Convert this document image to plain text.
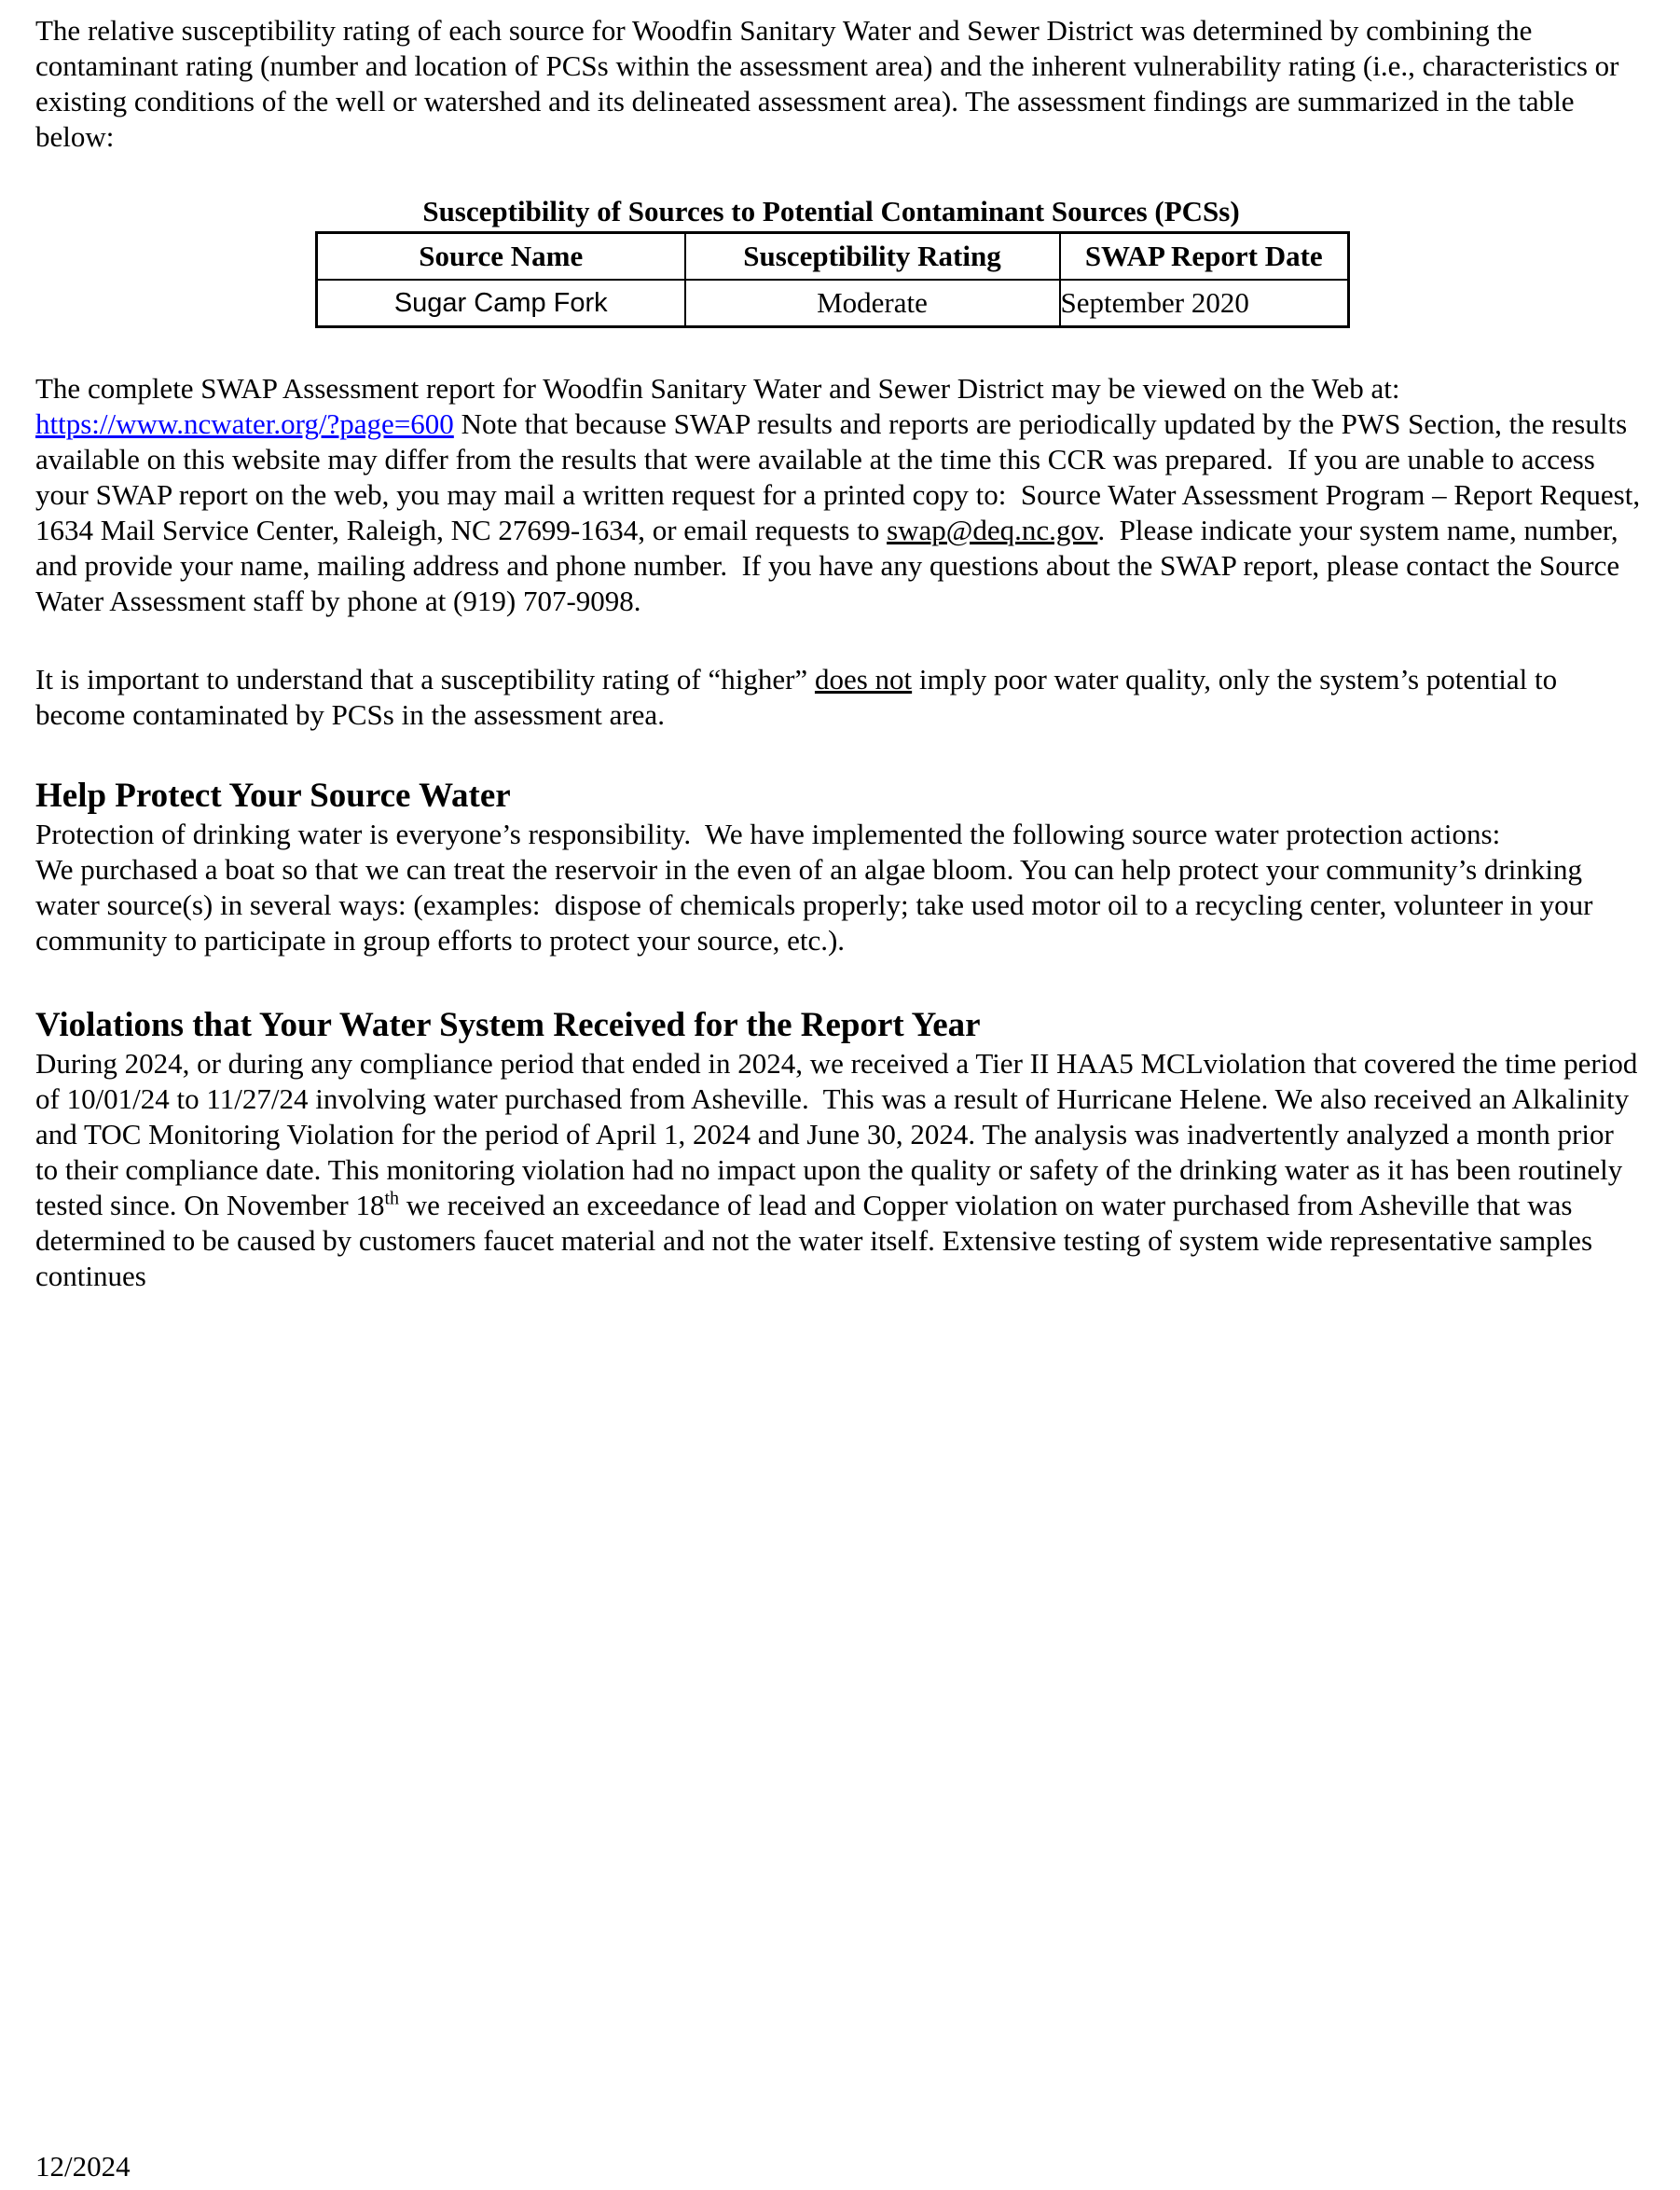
The relative susceptibility rating of each source for Woodfin Sanitary Water and Sewer District was determined by combining the contaminant rating (number and location of PCSs within the assessment area) and the inherent vulnerability rating (i.e., characteristics or existing conditions of the well or watershed and its delineated assessment area). The assessment findings are summarized in the table below:

Susceptibility of Sources to Potential Contaminant Sources (PCSs)
Source Name	Susceptibility Rating	SWAP Report Date
Sugar Camp Fork	Moderate	September 2020

The complete SWAP Assessment report for Woodfin Sanitary Water and Sewer District may be viewed on the Web at: https://www.ncwater.org/?page=600 Note that because SWAP results and reports are periodically updated by the PWS Section, the results available on this website may differ from the results that were available at the time this CCR was prepared.  If you are unable to access your SWAP report on the web, you may mail a written request for a printed copy to:  Source Water Assessment Program – Report Request, 1634 Mail Service Center, Raleigh, NC 27699-1634, or email requests to swap@deq.nc.gov.  Please indicate your system name, number, and provide your name, mailing address and phone number.  If you have any questions about the SWAP report, please contact the Source Water Assessment staff by phone at (919) 707-9098.

It is important to understand that a susceptibility rating of “higher” does not imply poor water quality, only the system’s potential to become contaminated by PCSs in the assessment area.

Help Protect Your Source Water

Protection of drinking water is everyone’s responsibility.  We have implemented the following source water protection actions:

We purchased a boat so that we can treat the reservoir in the even of an algae bloom. You can help protect your community’s drinking water source(s) in several ways: (examples:  dispose of chemicals properly; take used motor oil to a recycling center, volunteer in your community to participate in group efforts to protect your source, etc.).

Violations that Your Water System Received for the Report Year

During 2024, or during any compliance period that ended in 2024, we received a Tier II HAA5 MCLviolation that covered the time period of 10/01/24 to 11/27/24 involving water purchased from Asheville.  This was a result of Hurricane Helene. We also received an Alkalinity and TOC Monitoring Violation for the period of April 1, 2024 and June 30, 2024. The analysis was inadvertently analyzed a month prior to their compliance date. This monitoring violation had no impact upon the quality or safety of the drinking water as it has been routinely tested since. On November 18th we received an exceedance of lead and Copper violation on water purchased from Asheville that was determined to be caused by customers faucet material and not the water itself. Extensive testing of system wide representative samples continues

12/2024
